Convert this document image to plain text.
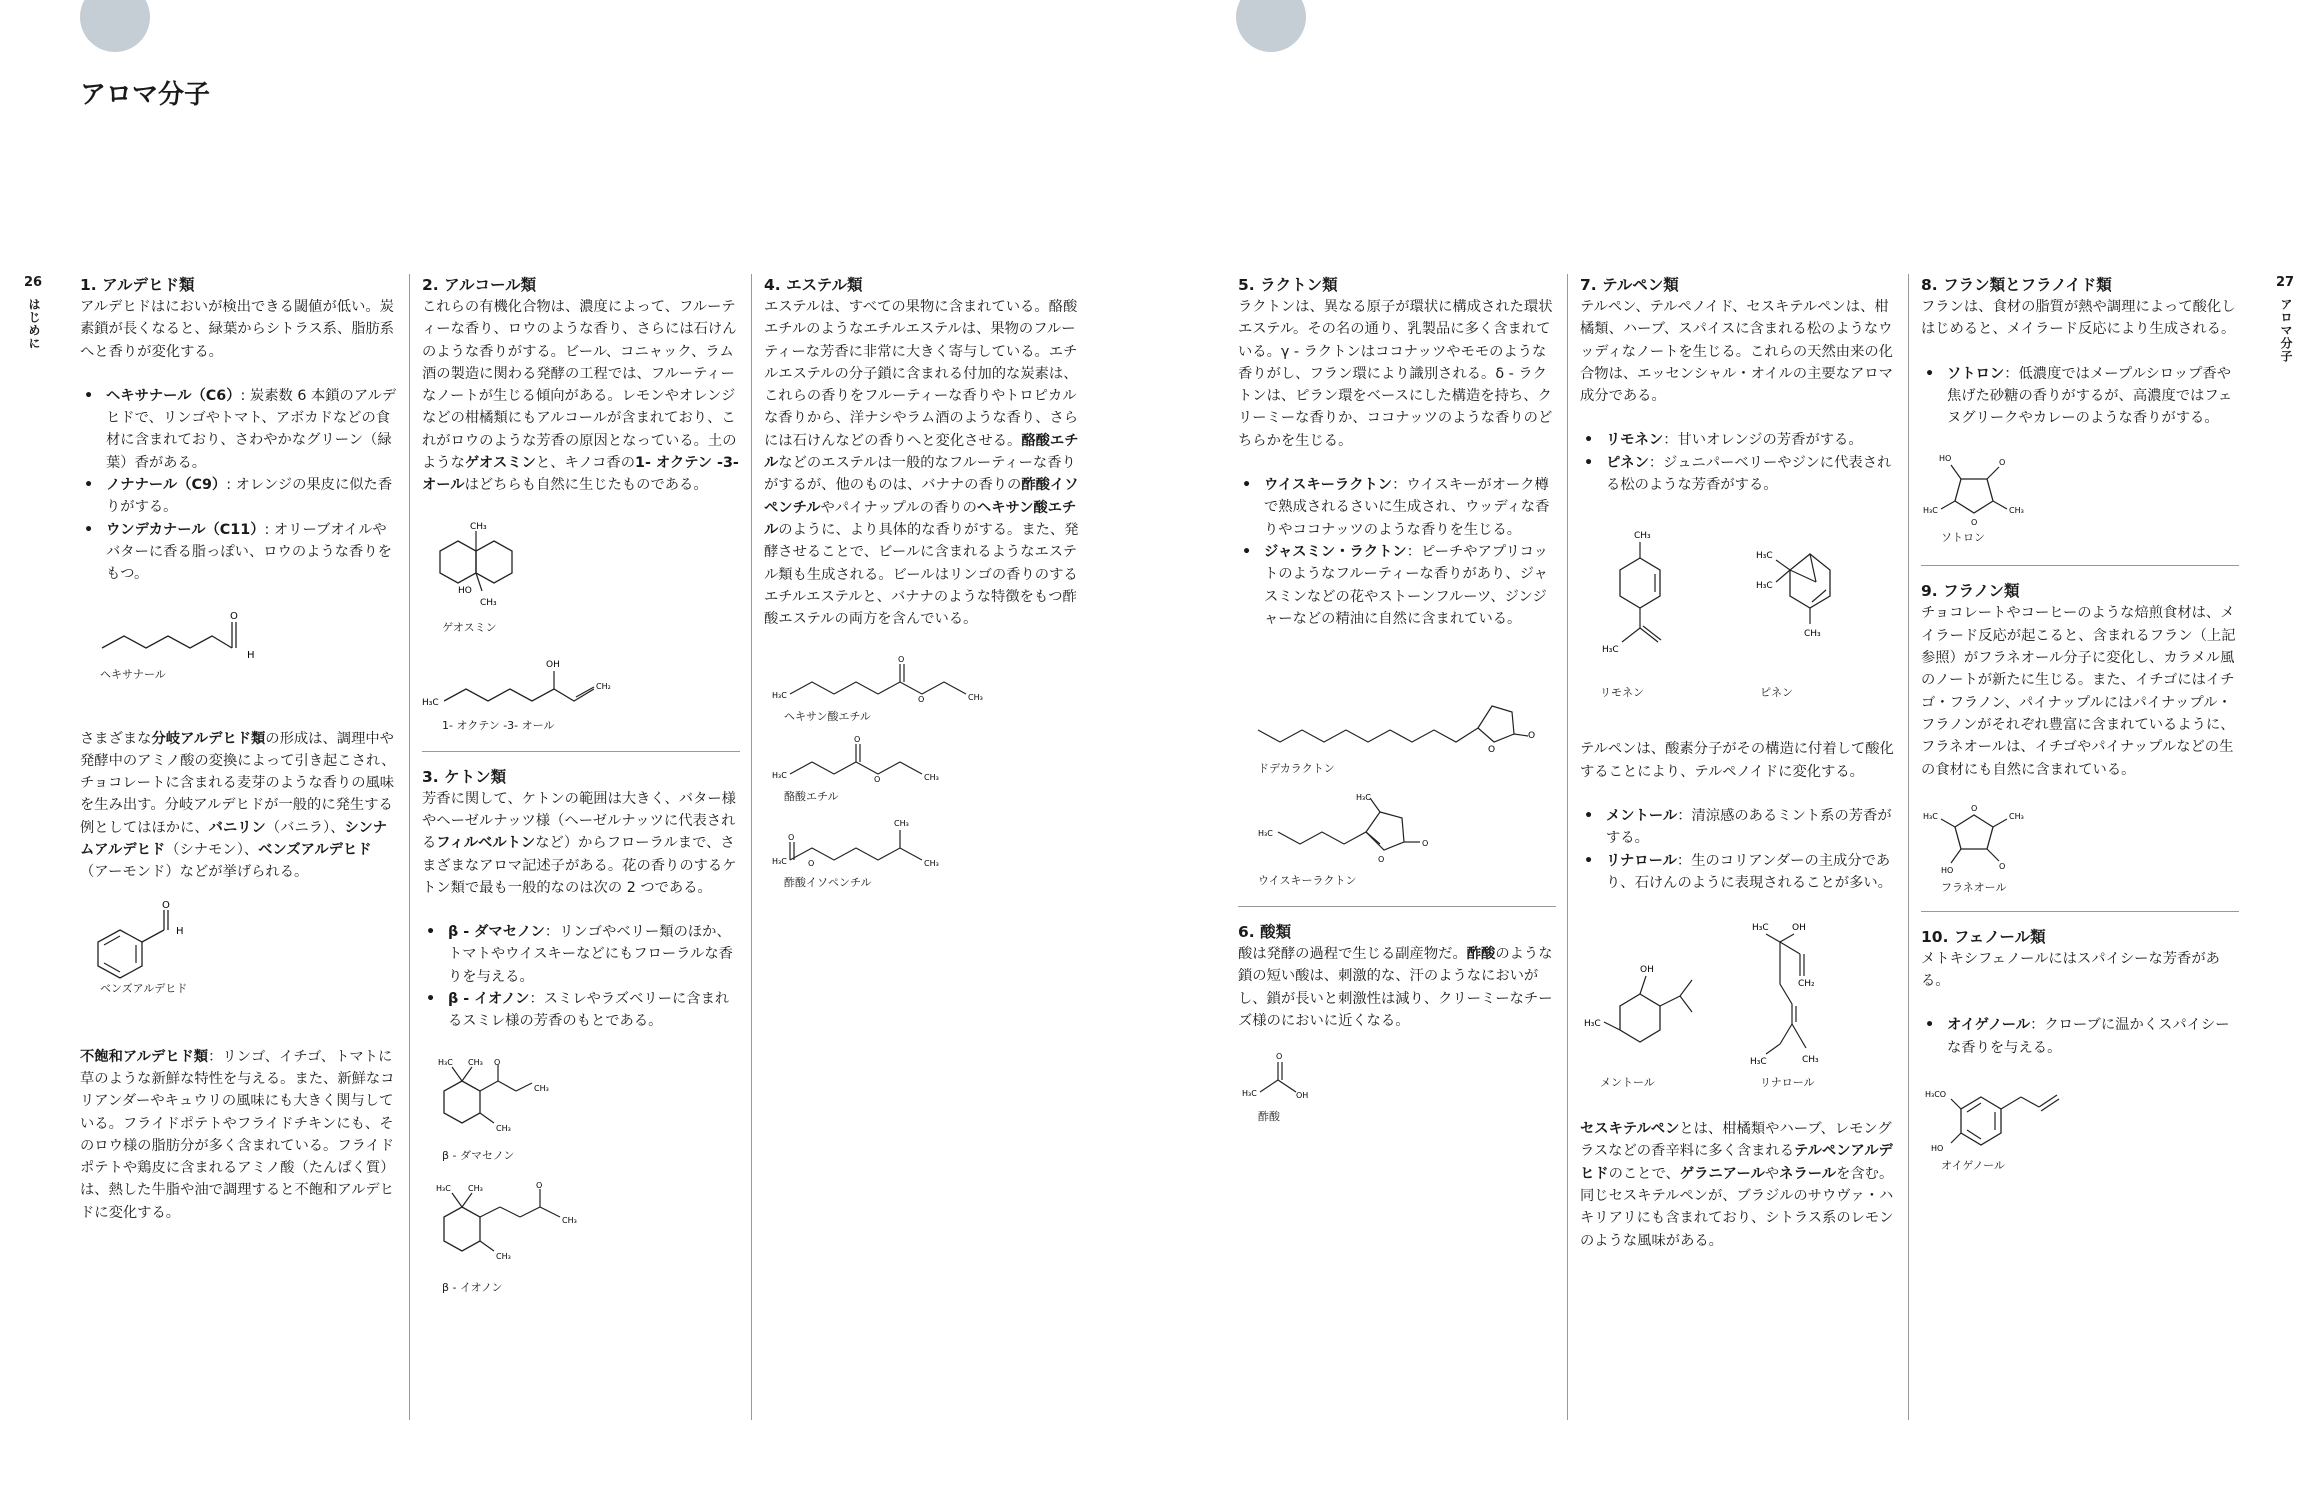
アロマ分子
26
はじめに
1. アルデヒド類
アルデヒドはにおいが検出できる閾値が低い。炭素鎖が長くなると、緑葉からシトラス系、脂肪系へと香りが変化する。
• ヘキサナール（C6）: 炭素数 6 本鎖のアルデヒドで、リンゴやトマト、アボカドなどの食材に含まれており、さわやかなグリーン（緑葉）香がある。
• ノナナール（C9）: オレンジの果皮に似た香りがする。
• ウンデカナール（C11）: オリーブオイルやバターに香る脂っぽい、ロウのような香りをもつ。
O
H
ヘキサナール
さまざまな分岐アルデヒド類の形成は、調理中や発酵中のアミノ酸の変換によって引き起こされ、チョコレートに含まれる麦芽のような香りの風味を生み出す。分岐アルデヒドが一般的に発生する例としてはほかに、バニリン（バニラ）、シンナムアルデヒド（シナモン）、ベンズアルデヒド（アーモンド）などが挙げられる。
O
H
ベンズアルデヒド
不飽和アルデヒド類：リンゴ、イチゴ、トマトに草のような新鮮な特性を与える。また、新鮮なコリアンダーやキュウリの風味にも大きく関与している。フライドポテトやフライドチキンにも、そのロウ様の脂肪分が多く含まれている。フライドポテトや鶏皮に含まれるアミノ酸（たんぱく質）は、熱した牛脂や油で調理すると不飽和アルデヒドに変化する。
2. アルコール類
これらの有機化合物は、濃度によって、フルーティーな香り、ロウのような香り、さらには石けんのような香りがする。ビール、コニャック、ラム酒の製造に関わる発酵の工程では、フルーティーなノートが生じる傾向がある。レモンやオレンジなどの柑橘類にもアルコールが含まれており、これがロウのような芳香の原因となっている。土のようなゲオスミンと、キノコ香の1- オクテン -3- オールはどちらも自然に生じたものである。
CH₃
HO
CH₃
ゲオスミン
H₃C
OH
CH₂
1- オクテン -3- オール
3. ケトン類
芳香に関して、ケトンの範囲は大きく、バター様やヘーゼルナッツ様（ヘーゼルナッツに代表されるフィルベルトンなど）からフローラルまで、さまざまなアロマ記述子がある。花の香りのするケトン類で最も一般的なのは次の 2 つである。
• β - ダマセノン：リンゴやベリー類のほか、トマトやウイスキーなどにもフローラルな香りを与える。
• β - イオノン：スミレやラズベリーに含まれるスミレ様の芳香のもとである。
O
CH₃
CH₃
H₃C CH₃
β - ダマセノン
O
CH₃
CH₃
H₃C CH₃
β - イオノン
4. エステル類
エステルは、すべての果物に含まれている。酪酸エチルのようなエチルエステルは、果物のフルーティーな芳香に非常に大きく寄与している。エチルエステルの分子鎖に含まれる付加的な炭素は、これらの香りをフルーティーな香りやトロピカルな香りから、洋ナシやラム酒のような香り、さらには石けんなどの香りへと変化させる。酪酸エチルなどのエステルは一般的なフルーティーな香りがするが、他のものは、バナナの香りの酢酸イソペンチルやパイナップルの香りのヘキサン酸エチルのように、より具体的な香りがする。また、発酵させることで、ビールに含まれるようなエステル類も生成される。ビールはリンゴの香りのするエチルエステルと、バナナのような特徴をもつ酢酸エステルの両方を含んでいる。
H₃C
O
O	CH₃
ヘキサン酸エチル
H₃C
O
O	CH₃
酪酸エチル
H₃C
O
O
CH₃
CH₃
酢酸イソペンチル
27
アロマ分子
5. ラクトン類
ラクトンは、異なる原子が環状に構成された環状エステル。その名の通り、乳製品に多く含まれている。γ - ラクトンはココナッツやモモのような香りがし、フラン環により識別される。δ - ラクトンは、ピラン環をベースにした構造を持ち、クリーミーな香りか、ココナッツのような香りのどちらかを生じる。
• ウイスキーラクトン：ウイスキーがオーク樽で熟成されるさいに生成され、ウッディな香りやココナッツのような香りを生じる。
• ジャスミン・ラクトン：ピーチやアプリコットのようなフルーティーな香りがあり、ジャスミンなどの花やストーンフルーツ、ジンジャーなどの精油に自然に含まれている。
O
O
ドデカラクトン
H₃C
H₃C
O
O
ウイスキーラクトン
6. 酸類
酸は発酵の過程で生じる副産物だ。酢酸のような鎖の短い酸は、刺激的な、汗のようなにおいがし、鎖が長いと刺激性は減り、クリーミーなチーズ様のにおいに近くなる。
H₃C
O
OH
酢酸
7. テルペン類
テルペン、テルペノイド、セスキテルペンは、柑橘類、ハーブ、スパイスに含まれる松のようなウッディなノートを生じる。これらの天然由来の化合物は、エッセンシャル・オイルの主要なアロマ成分である。
• リモネン：甘いオレンジの芳香がする。
• ピネン：ジュニパーベリーやジンに代表される松のような芳香がする。
CH₃
H₃C
H₃C
H₃C
CH₃
リモネン	ピネン
テルペンは、酸素分子がその構造に付着して酸化することにより、テルペノイドに変化する。
• メントール：清涼感のあるミント系の芳香がする。
• リナロール：生のコリアンダーの主成分であり、石けんのように表現されることが多い。
OH
H₃C
H₃C	OH
CH₂
H₃C	CH₃
メントール	リナロール
セスキテルペンとは、柑橘類やハーブ、レモングラスなどの香辛料に多く含まれるテルペンアルデヒドのことで、ゲラニアールやネラールを含む。同じセスキテルペンが、ブラジルのサウヴァ・ハキリアリにも含まれており、シトラス系のレモンのような風味がある。
8. フラン類とフラノイド類
フランは、食材の脂質が熱や調理によって酸化しはじめると、メイラード反応により生成される。
• ソトロン：低濃度ではメープルシロップ香や焦げた砂糖の香りがするが、高濃度ではフェヌグリークやカレーのような香りがする。
HO	O
O
H₃C	CH₃
ソトロン
9. フラノン類
チョコレートやコーヒーのような焙煎食材は、メイラード反応が起こると、含まれるフラン（上記参照）がフラネオール分子に変化し、カラメル風のノートが新たに生じる。また、イチゴにはイチゴ・フラノン、パイナップルにはパイナップル・フラノンがそれぞれ豊富に含まれているように、フラネオールは、イチゴやパイナップルなどの生の食材にも自然に含まれている。
HO	O
O
H₃C	CH₃
フラネオール
10. フェノール類
メトキシフェノールにはスパイシーな芳香がある。
• オイゲノール：クローブに温かくスパイシーな香りを与える。
H₃CO
HO
オイゲノール
